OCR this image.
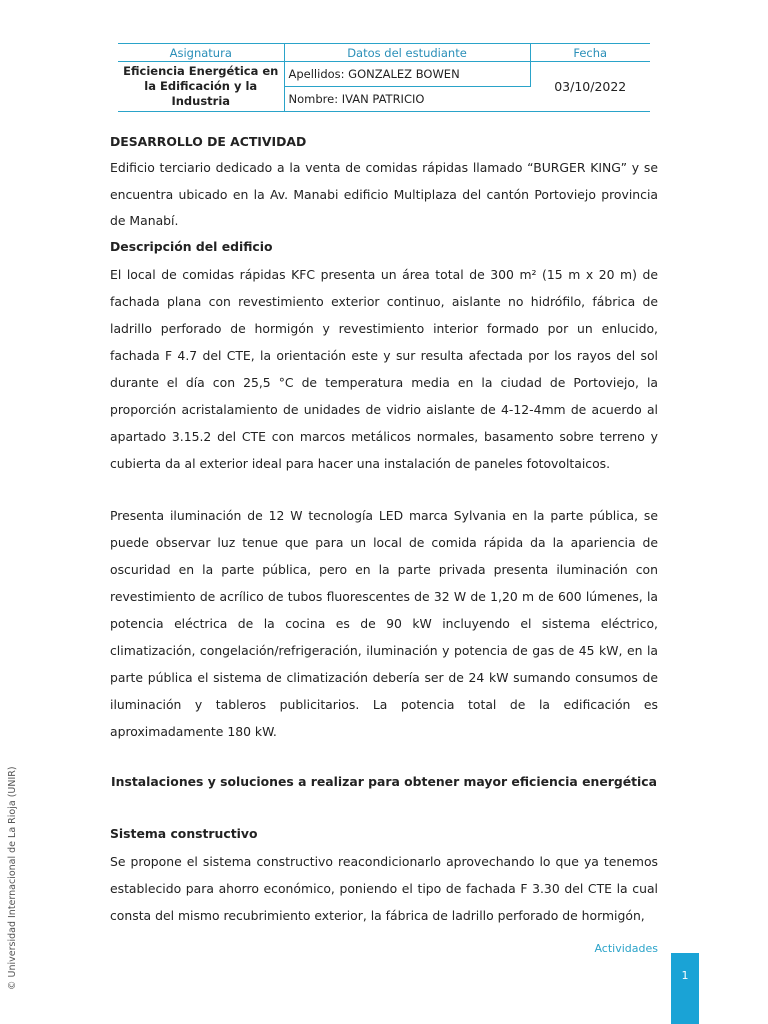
Asignatura	Datos del estudiante	Fecha
Eficiencia Energética en la Edificación y la Industria	Apellidos: GONZALEZ BOWEN	03/10/2022
	Nombre: IVAN PATRICIO	

DESARROLLO DE ACTIVIDAD

Edificio terciario dedicado a la venta de comidas rápidas llamado “BURGER KING” y se encuentra ubicado en la Av. Manabi edificio Multiplaza del cantón Portoviejo provincia de Manabí.

Descripción del edificio

El local de comidas rápidas KFC presenta un área total de 300 m² (15 m x 20 m) de fachada plana con revestimiento exterior continuo, aislante no hidrófilo, fábrica de ladrillo perforado de hormigón y revestimiento interior formado por un enlucido, fachada F 4.7 del CTE, la orientación este y sur resulta afectada por los rayos del sol durante el día con 25,5 °C de temperatura media en la ciudad de Portoviejo, la proporción acristalamiento de unidades de vidrio aislante de 4-12-4mm de acuerdo al apartado 3.15.2 del CTE con marcos metálicos normales, basamento sobre terreno y cubierta da al exterior ideal para hacer una instalación de paneles fotovoltaicos.

Presenta iluminación de 12 W tecnología LED marca Sylvania en la parte pública, se puede observar luz tenue que para un local de comida rápida da la apariencia de oscuridad en la parte pública, pero en la parte privada presenta iluminación con revestimiento de acrílico de tubos fluorescentes de 32 W de 1,20 m de 600 lúmenes, la potencia eléctrica de la cocina es de 90 kW incluyendo el sistema eléctrico, climatización, congelación/refrigeración, iluminación y potencia de gas de 45 kW, en la parte pública el sistema de climatización debería ser de 24 kW sumando consumos de iluminación y tableros publicitarios. La potencia total de la edificación es aproximadamente 180 kW.

Instalaciones y soluciones a realizar para obtener mayor eficiencia energética

Sistema constructivo

Se propone el sistema constructivo reacondicionarlo aprovechando lo que ya tenemos establecido para ahorro económico, poniendo el tipo de fachada F 3.30 del CTE la cual consta del mismo recubrimiento exterior, la fábrica de ladrillo perforado de hormigón,

© Universidad Internacional de La Rioja (UNIR)	Actividades
1
